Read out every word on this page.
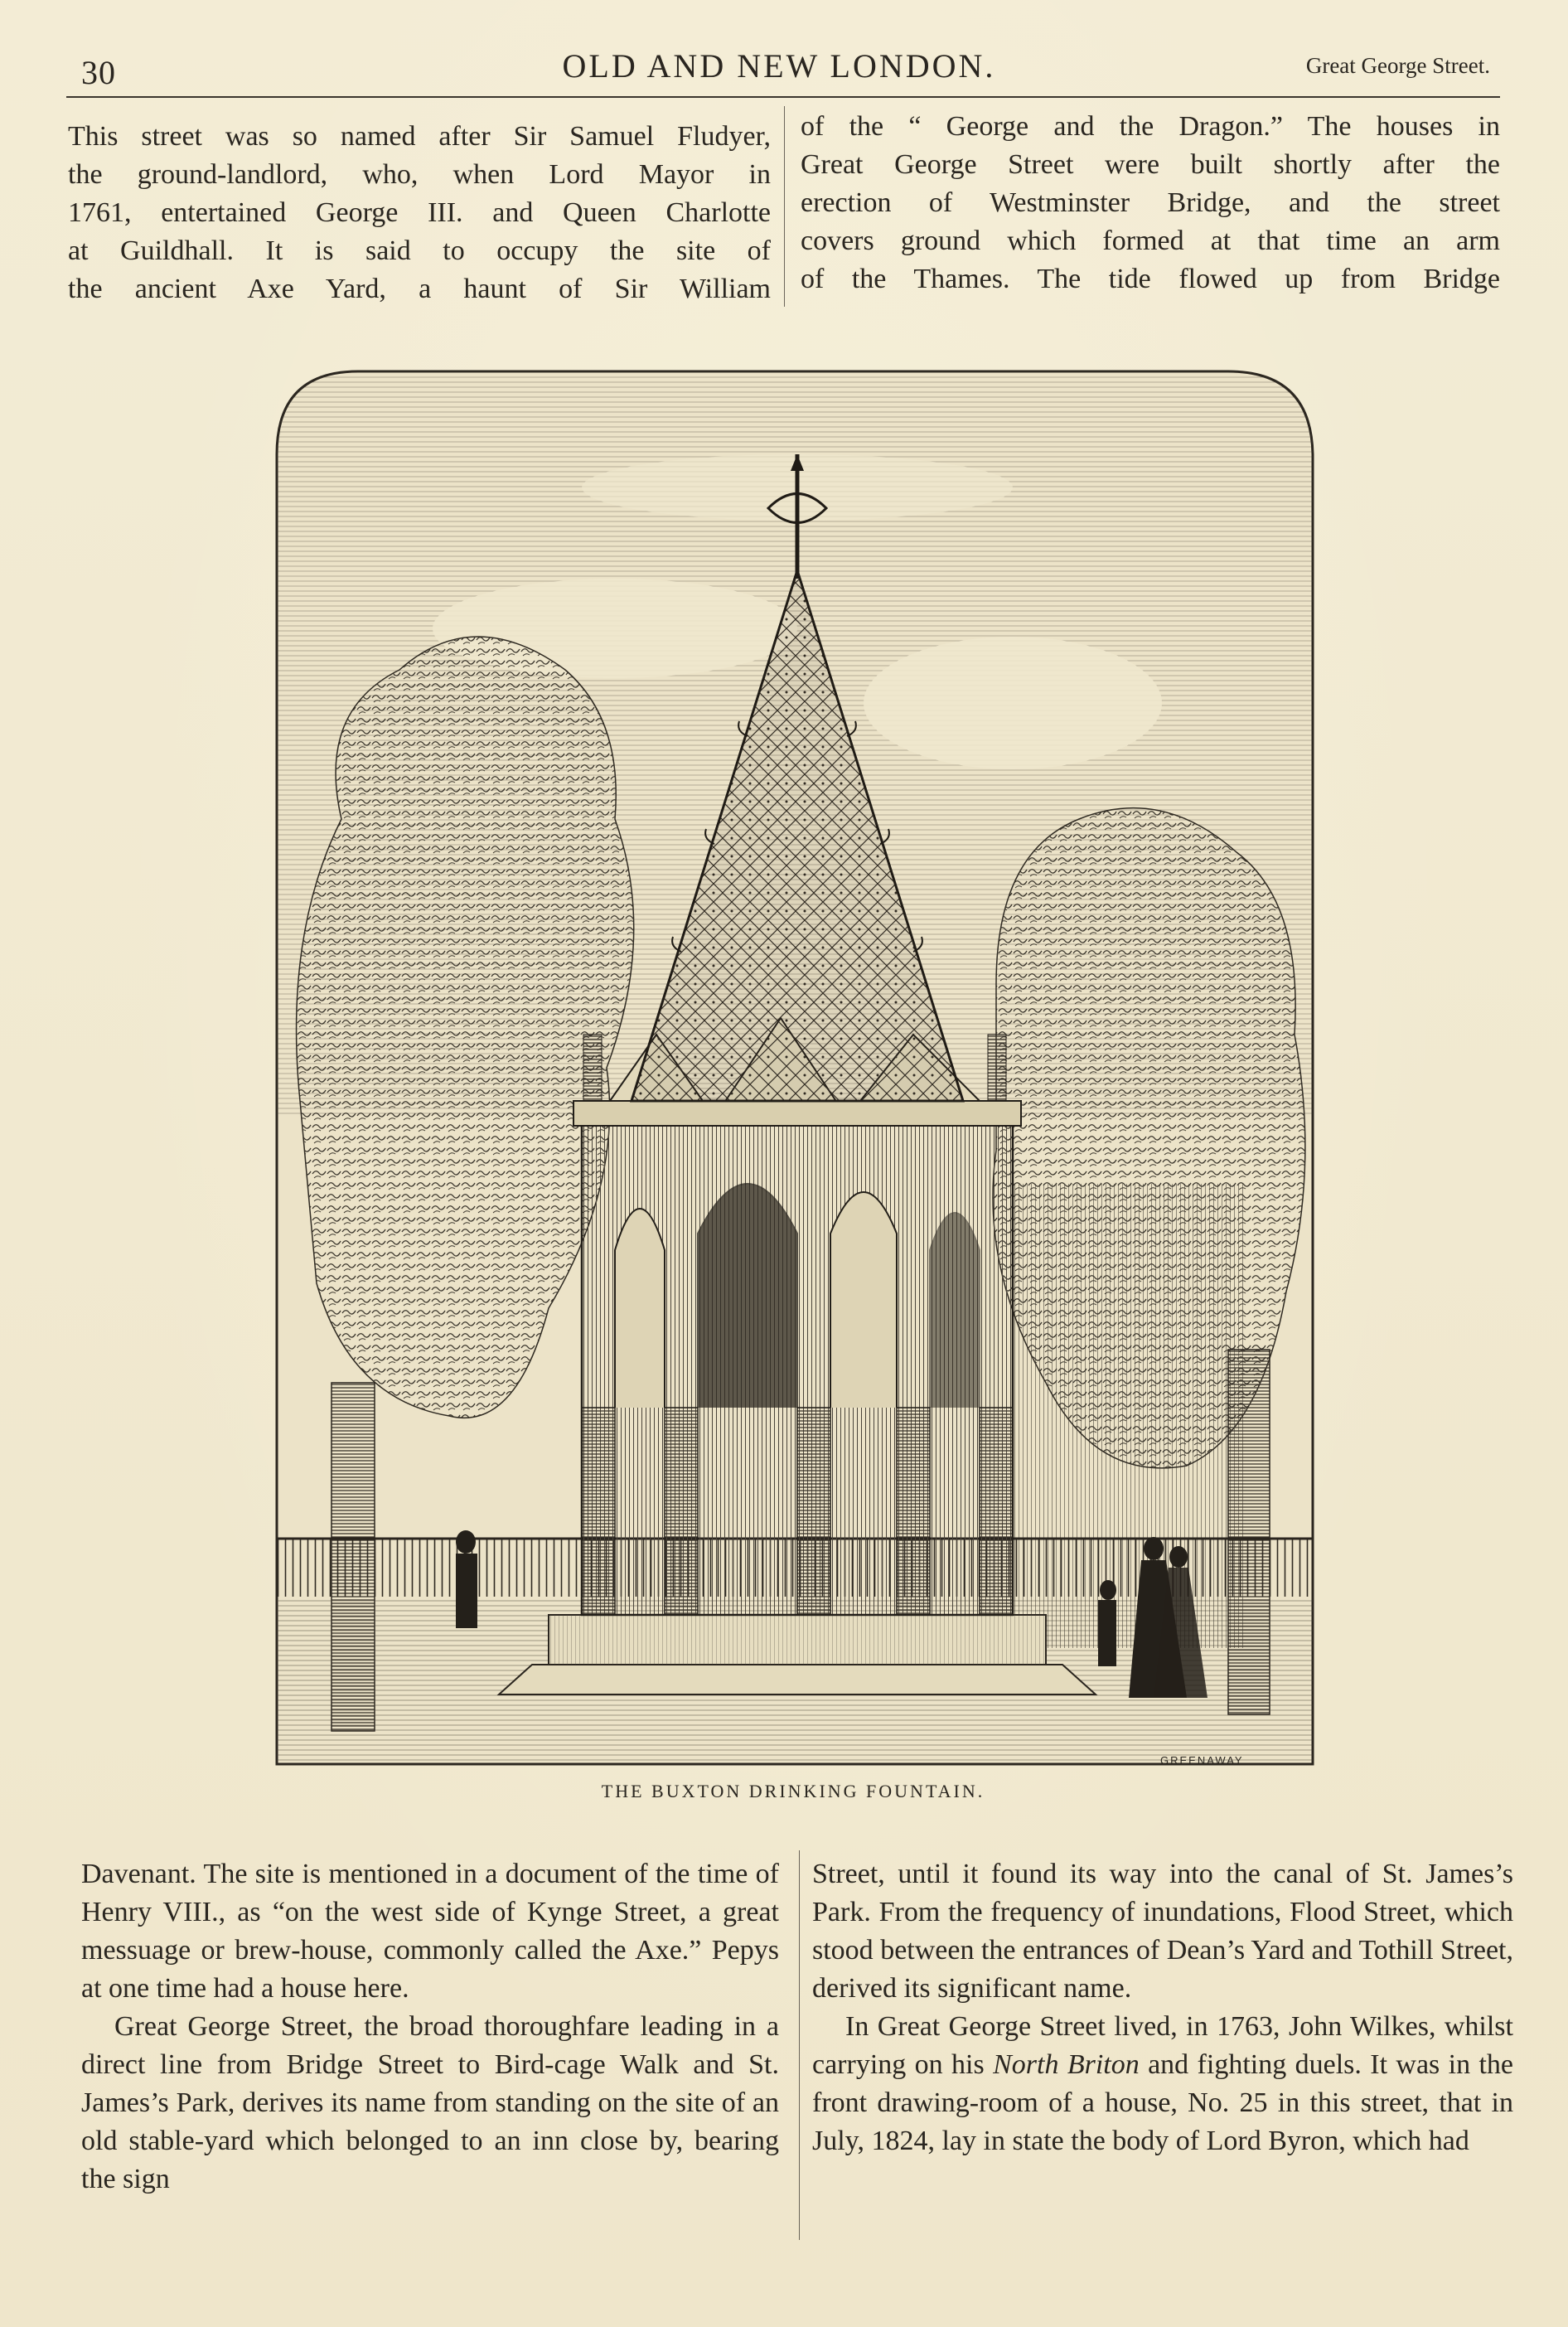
30	OLD AND NEW LONDON.	Great George Street.
This street was so named after Sir Samuel Fludyer,
the ground-landlord, who, when Lord Mayor in
1761, entertained George III. and Queen Charlotte
at Guildhall. It is said to occupy the site of
the ancient Axe Yard, a haunt of Sir William
of the “ George and the Dragon.” The houses in
Great George Street were built shortly after the
erection of Westminster Bridge, and the street
covers ground which formed at that time an arm
of the Thames. The tide flowed up from Bridge
GREENAWAY
THE BUXTON DRINKING FOUNTAIN.

Davenant. The site is mentioned in a document of the time of Henry VIII., as “on the west side of Kynge Street, a great messuage or brew-house, commonly called the Axe.” Pepys at one time had a house here.

Great George Street, the broad thoroughfare leading in a direct line from Bridge Street to Bird-cage Walk and St. James’s Park, derives its name from standing on the site of an old stable-yard which belonged to an inn close by, bearing the sign

Street, until it found its way into the canal of St. James’s Park. From the frequency of inundations, Flood Street, which stood between the entrances of Dean’s Yard and Tothill Street, derived its significant name.

In Great George Street lived, in 1763, John Wilkes, whilst carrying on his North Briton and fighting duels. It was in the front drawing-room of a house, No. 25 in this street, that in July, 1824, lay in state the body of Lord Byron, which had
